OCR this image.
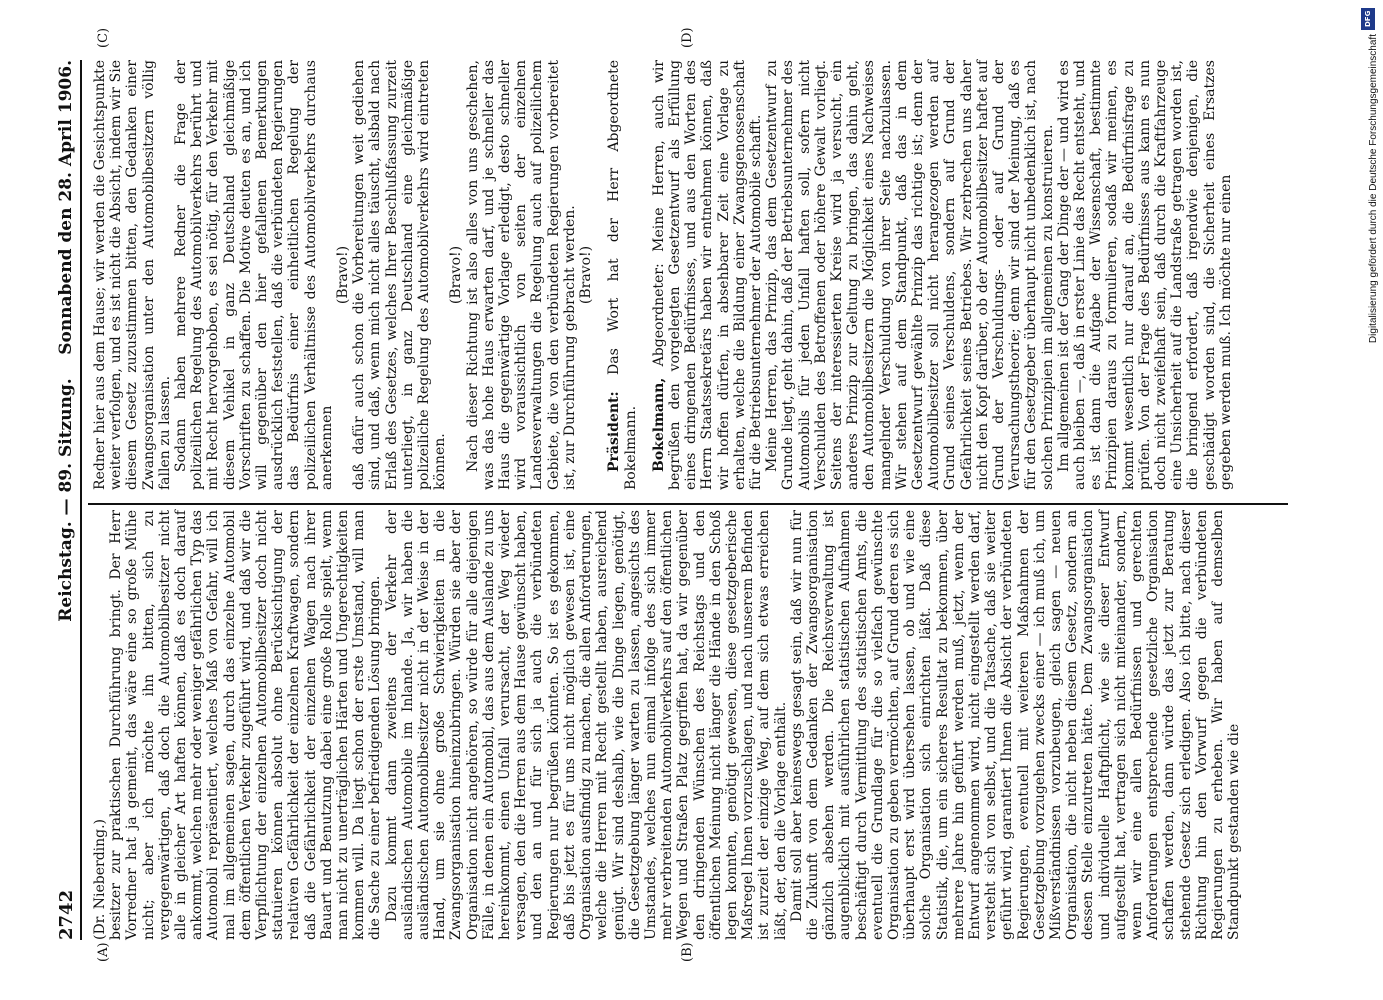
2742
Reichstag. — 89. Sitzung.
Sonnabend den 28. April 1906.
(A)	(B)
(C)	(D)

(Dr. Nieberding.) besitzer zur praktischen Durchführung bringt. Der Herr Vorredner hat ja gemeint, das wäre eine so große Mühe nicht; aber ich möchte ihn bitten, sich zu vergegenwärtigen, daß doch die Automobilbesitzer nicht alle in gleicher Art haften können, daß es doch darauf ankommt, welchen mehr oder weniger gefährlichen Typ das Automobil repräsentiert, welches Maß von Gefahr, will ich mal im allgemeinen sagen, durch das einzelne Automobil dem öffentlichen Verkehr zugeführt wird, und daß wir die Verpflichtung der einzelnen Automobilbesitzer doch nicht statuieren können absolut ohne Berücksichtigung der relativen Gefährlichkeit der einzelnen Kraftwagen, sondern daß die Gefährlichkeit der einzelnen Wagen nach ihrer Bauart und Benutzung dabei eine große Rolle spielt, wenn man nicht zu unerträglichen Härten und Ungerechtigkeiten kommen will. Da liegt schon der erste Umstand, will man die Sache zu einer befriedigenden Lösung bringen. Dazu kommt dann zweitens der Verkehr der ausländischen Automobile im Inlande. Ja, wir haben die ausländischen Automobilbesitzer nicht in der Weise in der Hand, um sie ohne große Schwierigkeiten in die Zwangsorganisation hineinzubringen. Würden sie aber der Organisation nicht angehören, so würde für alle diejenigen Fälle, in denen ein Automobil, das aus dem Auslande zu uns hereinkommt, einen Unfall verursacht, der Weg wieder versagen, den die Herren aus dem Hause gewünscht haben, und den an und für sich ja auch die verbündeten Regierungen nur begrüßen könnten. So ist es gekommen, daß bis jetzt es für uns nicht möglich gewesen ist, eine Organisation ausfindig zu machen, die allen Anforderungen, welche die Herren mit Recht gestellt haben, ausreichend genügt. Wir sind deshalb, wie die Dinge liegen, genötigt, die Gesetzgebung länger warten zu lassen, angesichts des Umstandes, welches nun einmal infolge des sich immer mehr verbreitenden Automobilverkehrs auf den öffentlichen Wegen und Straßen Platz gegriffen hat, da wir gegenüber den dringenden Wünschen des Reichstags und den öffentlichen Meinung nicht länger die Hände in den Schoß legen konnten, genötigt gewesen, diese gesetzgeberische Maßregel Ihnen vorzuschlagen, und nach unserem Befinden ist zurzeit der einzige Weg, auf dem sich etwas erreichen läßt, der, den die Vorlage enthält. Damit soll aber keineswegs gesagt sein, daß wir nun für die Zukunft von dem Gedanken der Zwangsorganisation gänzlich absehen werden. Die Reichsverwaltung ist augenblicklich mit ausführlichen statistischen Aufnahmen beschäftigt durch Vermittlung des statistischen Amts, die eventuell die Grundlage für die so vielfach gewünschte Organisation zu geben vermöchten, auf Grund deren es sich überhaupt erst wird übersehen lassen, ob und wie eine solche Organisation sich einrichten läßt. Daß diese Statistik, die, um ein sicheres Resultat zu bekommen, über mehrere Jahre hin geführt werden muß, jetzt, wenn der Entwurf angenommen wird, nicht eingestellt werden darf, versteht sich von selbst, und die Tatsache, daß sie weiter geführt wird, garantiert Ihnen die Absicht der verbündeten Regierungen, eventuell mit weiteren Maßnahmen der Gesetzgebung vorzugehen zwecks einer — ich muß ich, um Mißverständnissen vorzubeugen, gleich sagen — neuen Organisation, die nicht neben diesem Gesetz, sondern an dessen Stelle einzutreten hätte. Dem Zwangsorganisation und individuelle Haftpflicht, wie sie dieser Entwurf aufgestellt hat, vertragen sich nicht miteinander, sondern, wenn wir eine allen Bedürfnissen und gerechten Anforderungen entsprechende gesetzliche Organisation schaffen werden, dann würde das jetzt zur Beratung stehende Gesetz sich erledigen. Also ich bitte, nach dieser Richtung hin den Vorwurf gegen die verbündeten Regierungen zu erheben. Wir haben auf demselben Standpunkt gestanden wie die

Redner hier aus dem Hause; wir werden die Gesichtspunkte weiter verfolgen, und es ist nicht die Absicht, indem wir Sie diesem Gesetz zuzustimmen bitten, den Gedanken einer Zwangsorganisation unter den Automobilbesitzern völlig fallen zu lassen. Sodann haben mehrere Redner die Frage der polizeilichen Regelung des Automobilverkehrs berührt und mit Recht hervorgehoben, es sei nötig, für den Verkehr mit diesem Vehikel in ganz Deutschland gleichmäßige Vorschriften zu schaffen. Die Motive deuten es an, und ich will gegenüber den hier gefallenen Bemerkungen ausdrücklich feststellen, daß die verbündeten Regierungen das Bedürfnis einer einheitlichen Regelung der polizeilichen Verhältnisse des Automobilverkehrs durchaus anerkennen

(Bravo!) daß dafür auch schon die Vorbereitungen weit gediehen sind, und daß, wenn mich nicht alles täuscht, alsbald nach Erlaß des Gesetzes, welches Ihrer Beschlußfassung zurzeit unterliegt, in ganz Deutschland eine gleichmäßige polizeiliche Regelung des Automobilverkehrs wird eintreten können.

(Bravo!) Nach dieser Richtung ist also alles von uns geschehen, was das hohe Haus erwarten darf, und je schneller das Haus die gegenwärtige Vorlage erledigt, desto schneller wird voraussichtlich von seiten der einzelnen Landesverwaltungen die Regelung auch auf polizeilichem Gebiete, die von den verbündeten Regierungen vorbereitet ist, zur Durchführung gebracht werden. (Bravo!)

Präsident: Das Wort hat der Herr Abgeordnete Bokelmann. Bokelmann, Abgeordneter: Meine Herren, auch wir begrüßen den vorgelegten Gesetzentwurf als Erfüllung eines dringenden Bedürfnisses, und aus den Worten des Herrn Staatssekretärs haben wir entnehmen können, daß wir hoffen dürfen, in absehbarer Zeit eine Vorlage zu erhalten, welche die Bildung einer Zwangsgenossenschaft für die Betriebsunternehmer der Automobile schafft. Meine Herren, das Prinzip, das dem Gesetzentwurf zu Grunde liegt, geht dahin, daß der Betriebsunternehmer des Automobils für jeden Unfall haften soll, sofern nicht Verschulden des Betroffenen oder höhere Gewalt vorliegt. Seitens der interessierten Kreise wird ja versucht, ein anderes Prinzip zur Geltung zu bringen, das dahin geht, den Automobilbesitzern die Möglichkeit eines Nachweises mangelnder Verschuldung von ihrer Seite nachzulassen. Wir stehen auf dem Standpunkt, daß das in dem Gesetzentwurf gewählte Prinzip das richtige ist; denn der Automobilbesitzer soll nicht herangezogen werden auf Grund seines Verschuldens, sondern auf Grund der Gefährlichkeit seines Betriebes. Wir zerbrechen uns daher nicht den Kopf darüber, ob der Automobilbesitzer haftet auf Grund der Verschuldungs- oder auf Grund der Verursachungstheorie; denn wir sind der Meinung, daß es für den Gesetzgeber überhaupt nicht unbedenklich ist, nach solchen Prinzipien im allgemeinen zu konstruieren. Im allgemeinen ist der Gang der Dinge der — und wird es auch bleiben —, daß in erster Linie das Recht entsteht, und es ist dann die Aufgabe der Wissenschaft, bestimmte Prinzipien daraus zu formulieren, sodaß wir meinen, es kommt wesentlich nur darauf an, die Bedürfnisfrage zu prüfen. Von der Frage des Bedürfnisses aus kann es nun doch nicht zweifelhaft sein, daß durch die Kraftfahrzeuge eine Unsicherheit auf die Landstraße getragen worden ist, die bringend erfordert, daß irgendwie denjenigen, die geschädigt worden sind, die Sicherheit eines Ersatzes gegeben werden muß. Ich möchte nur einen

DFG
Digitalisierung gefördert durch die Deutsche Forschungsgemeinschaft
